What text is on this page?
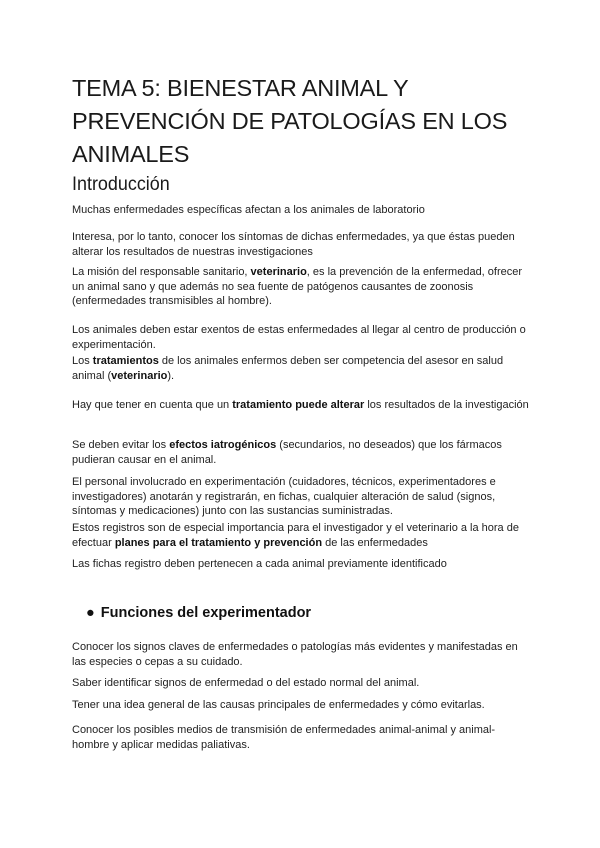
TEMA 5: BIENESTAR ANIMAL Y PREVENCIÓN DE PATOLOGÍAS EN LOS ANIMALES
Introducción

Muchas enfermedades específicas afectan a los animales de laboratorio

Interesa, por lo tanto, conocer los síntomas de dichas enfermedades, ya que éstas pueden alterar los resultados de nuestras investigaciones

La misión del responsable sanitario, veterinario, es la prevención de la enfermedad, ofrecer un animal sano y que además no sea fuente de patógenos causantes de zoonosis (enfermedades transmisibles al hombre).

Los animales deben estar exentos de estas enfermedades al llegar al centro de producción o experimentación.

Los tratamientos de los animales enfermos deben ser competencia del asesor en salud animal (veterinario).

Hay que tener en cuenta que un tratamiento puede alterar los resultados de la investigación

Se deben evitar los efectos iatrogénicos (secundarios, no deseados) que los fármacos pudieran causar en el animal.

El personal involucrado en experimentación (cuidadores, técnicos, experimentadores e investigadores) anotarán y registrarán, en fichas, cualquier alteración de salud (signos, síntomas y medicaciones) junto con las sustancias suministradas.

Estos registros son de especial importancia para el investigador y el veterinario a la hora de efectuar planes para el tratamiento y prevención de las enfermedades

Las fichas registro deben pertenecen a cada animal previamente identificado

● Funciones del experimentador

Conocer los signos claves de enfermedades o patologías más evidentes y manifestadas en las especies o cepas a su cuidado.

Saber identificar signos de enfermedad o del estado normal del animal.

Tener una idea general de las causas principales de enfermedades y cómo evitarlas.

Conocer los posibles medios de transmisión de enfermedades animal-animal y animal-hombre y aplicar medidas paliativas.
